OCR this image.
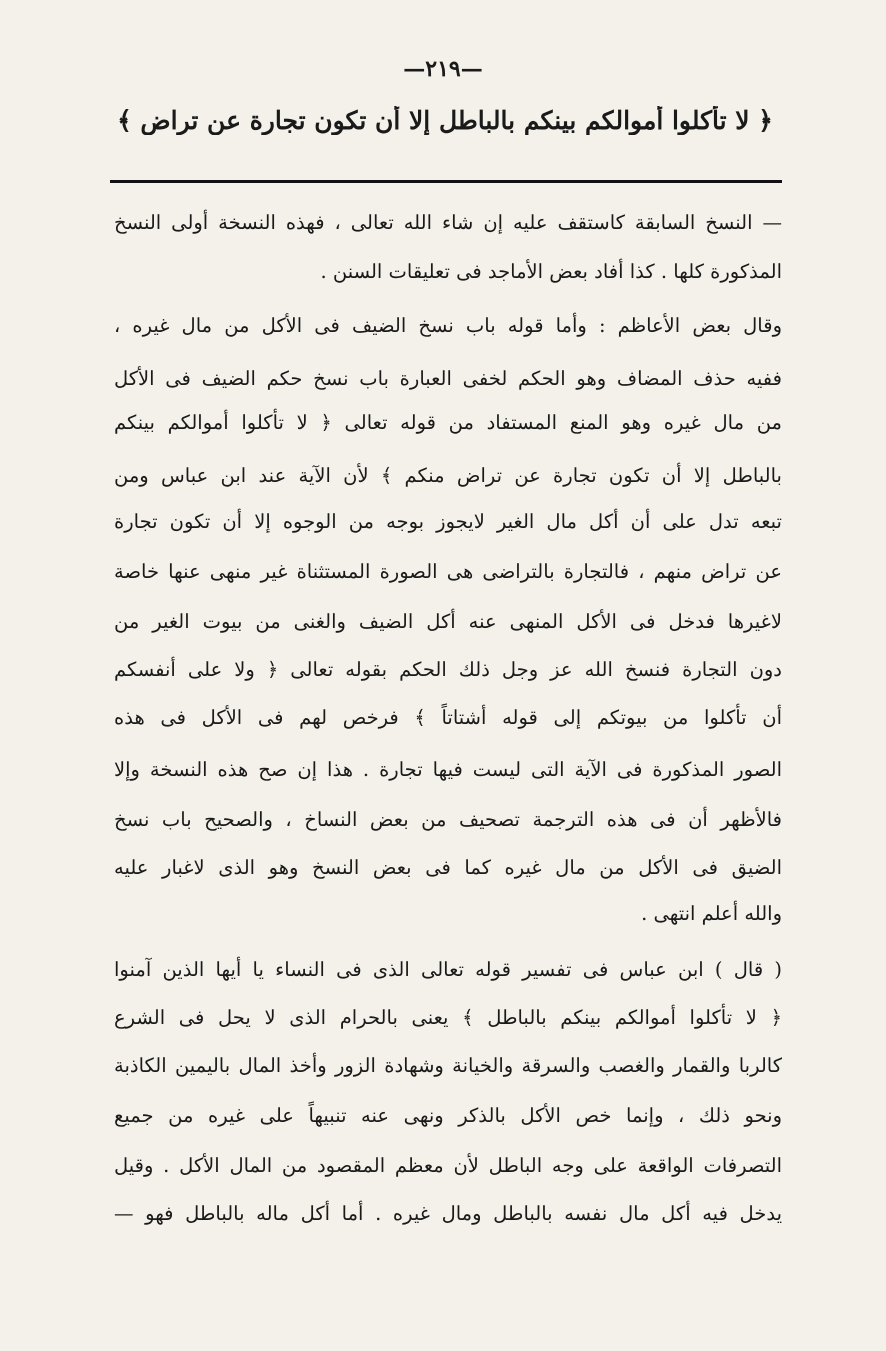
—٢١٩—
﴿ لا تأكلوا أموالكم بينكم بالباطل إلا أن تكون تجارة عن تراض ﴾
— النسخ السابقة كاستقف عليه إن شاء الله تعالى ، فهذه النسخة أولى النسخ
المذكورة كلها . كذا أفاد بعض الأماجد فى تعليقات السنن .
وقال بعض الأعاظم : وأما قوله باب نسخ الضيف فى الأكل من مال غيره ،
ففيه حذف المضاف وهو الحكم لخفى العبارة باب نسخ حكم الضيف فى الأكل
من مال غيره وهو المنع المستفاد من قوله تعالى ﴿ لا تأكلوا أموالكم بينكم
بالباطل إلا أن تكون تجارة عن تراض منكم ﴾ لأن الآية عند ابن عباس ومن
تبعه تدل على أن أكل مال الغير لايجوز بوجه من الوجوه إلا أن تكون تجارة
عن تراض منهم ، فالتجارة بالتراضى هى الصورة المستثناة غير منهى عنها خاصة
لاغيرها فدخل فى الأكل المنهى عنه أكل الضيف والغنى من بيوت الغير من
دون التجارة فنسخ الله عز وجل ذلك الحكم بقوله تعالى ﴿ ولا على أنفسكم
أن تأكلوا من بيوتكم إلى قوله أشتاتاً ﴾ فرخص لهم فى الأكل فى هذه
الصور المذكورة فى الآية التى ليست فيها تجارة . هذا إن صح هذه النسخة وإلا
فالأظهر أن فى هذه الترجمة تصحيف من بعض النساخ ، والصحيح باب نسخ
الضيق فى الأكل من مال غيره كما فى بعض النسخ وهو الذى لاغبار عليه
والله أعلم انتهى .
( قال ) ابن عباس فى تفسير قوله تعالى الذى فى النساء يا أيها الذين آمنوا
﴿ لا تأكلوا أموالكم بينكم بالباطل ﴾ يعنى بالحرام الذى لا يحل فى الشرع
كالربا والقمار والغصب والسرقة والخيانة وشهادة الزور وأخذ المال باليمين الكاذبة
ونحو ذلك ، وإنما خص الأكل بالذكر ونهى عنه تنبيهاً على غيره من جميع
التصرفات الواقعة على وجه الباطل لأن معظم المقصود من المال الأكل . وقيل
يدخل فيه أكل مال نفسه بالباطل ومال غيره . أما أكل ماله بالباطل فهو —
